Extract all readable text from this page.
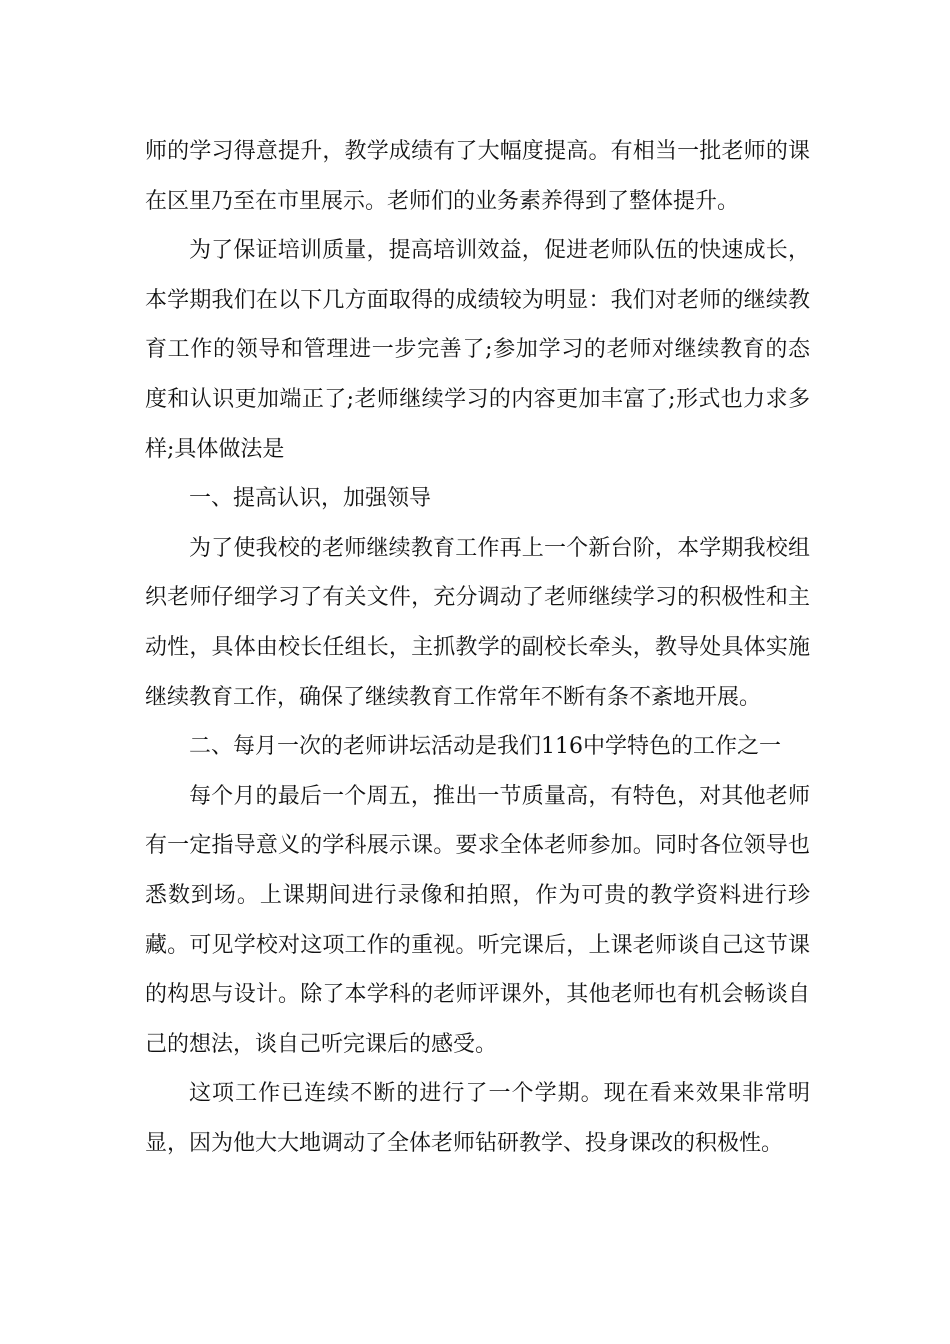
师的学习得意提升，教学成绩有了大幅度提高。有相当一批老师的课在区里乃至在市里展示。老师们的业务素养得到了整体提升。

为了保证培训质量，提高培训效益，促进老师队伍的快速成长，本学期我们在以下几方面取得的成绩较为明显：我们对老师的继续教育工作的领导和管理进一步完善了;参加学习的老师对继续教育的态度和认识更加端正了;老师继续学习的内容更加丰富了;形式也力求多样;具体做法是

一、提高认识，加强领导

为了使我校的老师继续教育工作再上一个新台阶，本学期我校组织老师仔细学习了有关文件，充分调动了老师继续学习的积极性和主动性，具体由校长任组长，主抓教学的副校长牵头，教导处具体实施继续教育工作，确保了继续教育工作常年不断有条不紊地开展。

二、每月一次的老师讲坛活动是我们116中学特色的工作之一

每个月的最后一个周五，推出一节质量高，有特色，对其他老师有一定指导意义的学科展示课。要求全体老师参加。同时各位领导也悉数到场。上课期间进行录像和拍照，作为可贵的教学资料进行珍藏。可见学校对这项工作的重视。听完课后，上课老师谈自己这节课的构思与设计。除了本学科的老师评课外，其他老师也有机会畅谈自己的想法，谈自己听完课后的感受。

这项工作已连续不断的进行了一个学期。现在看来效果非常明显，因为他大大地调动了全体老师钻研教学、投身课改的积极性。
